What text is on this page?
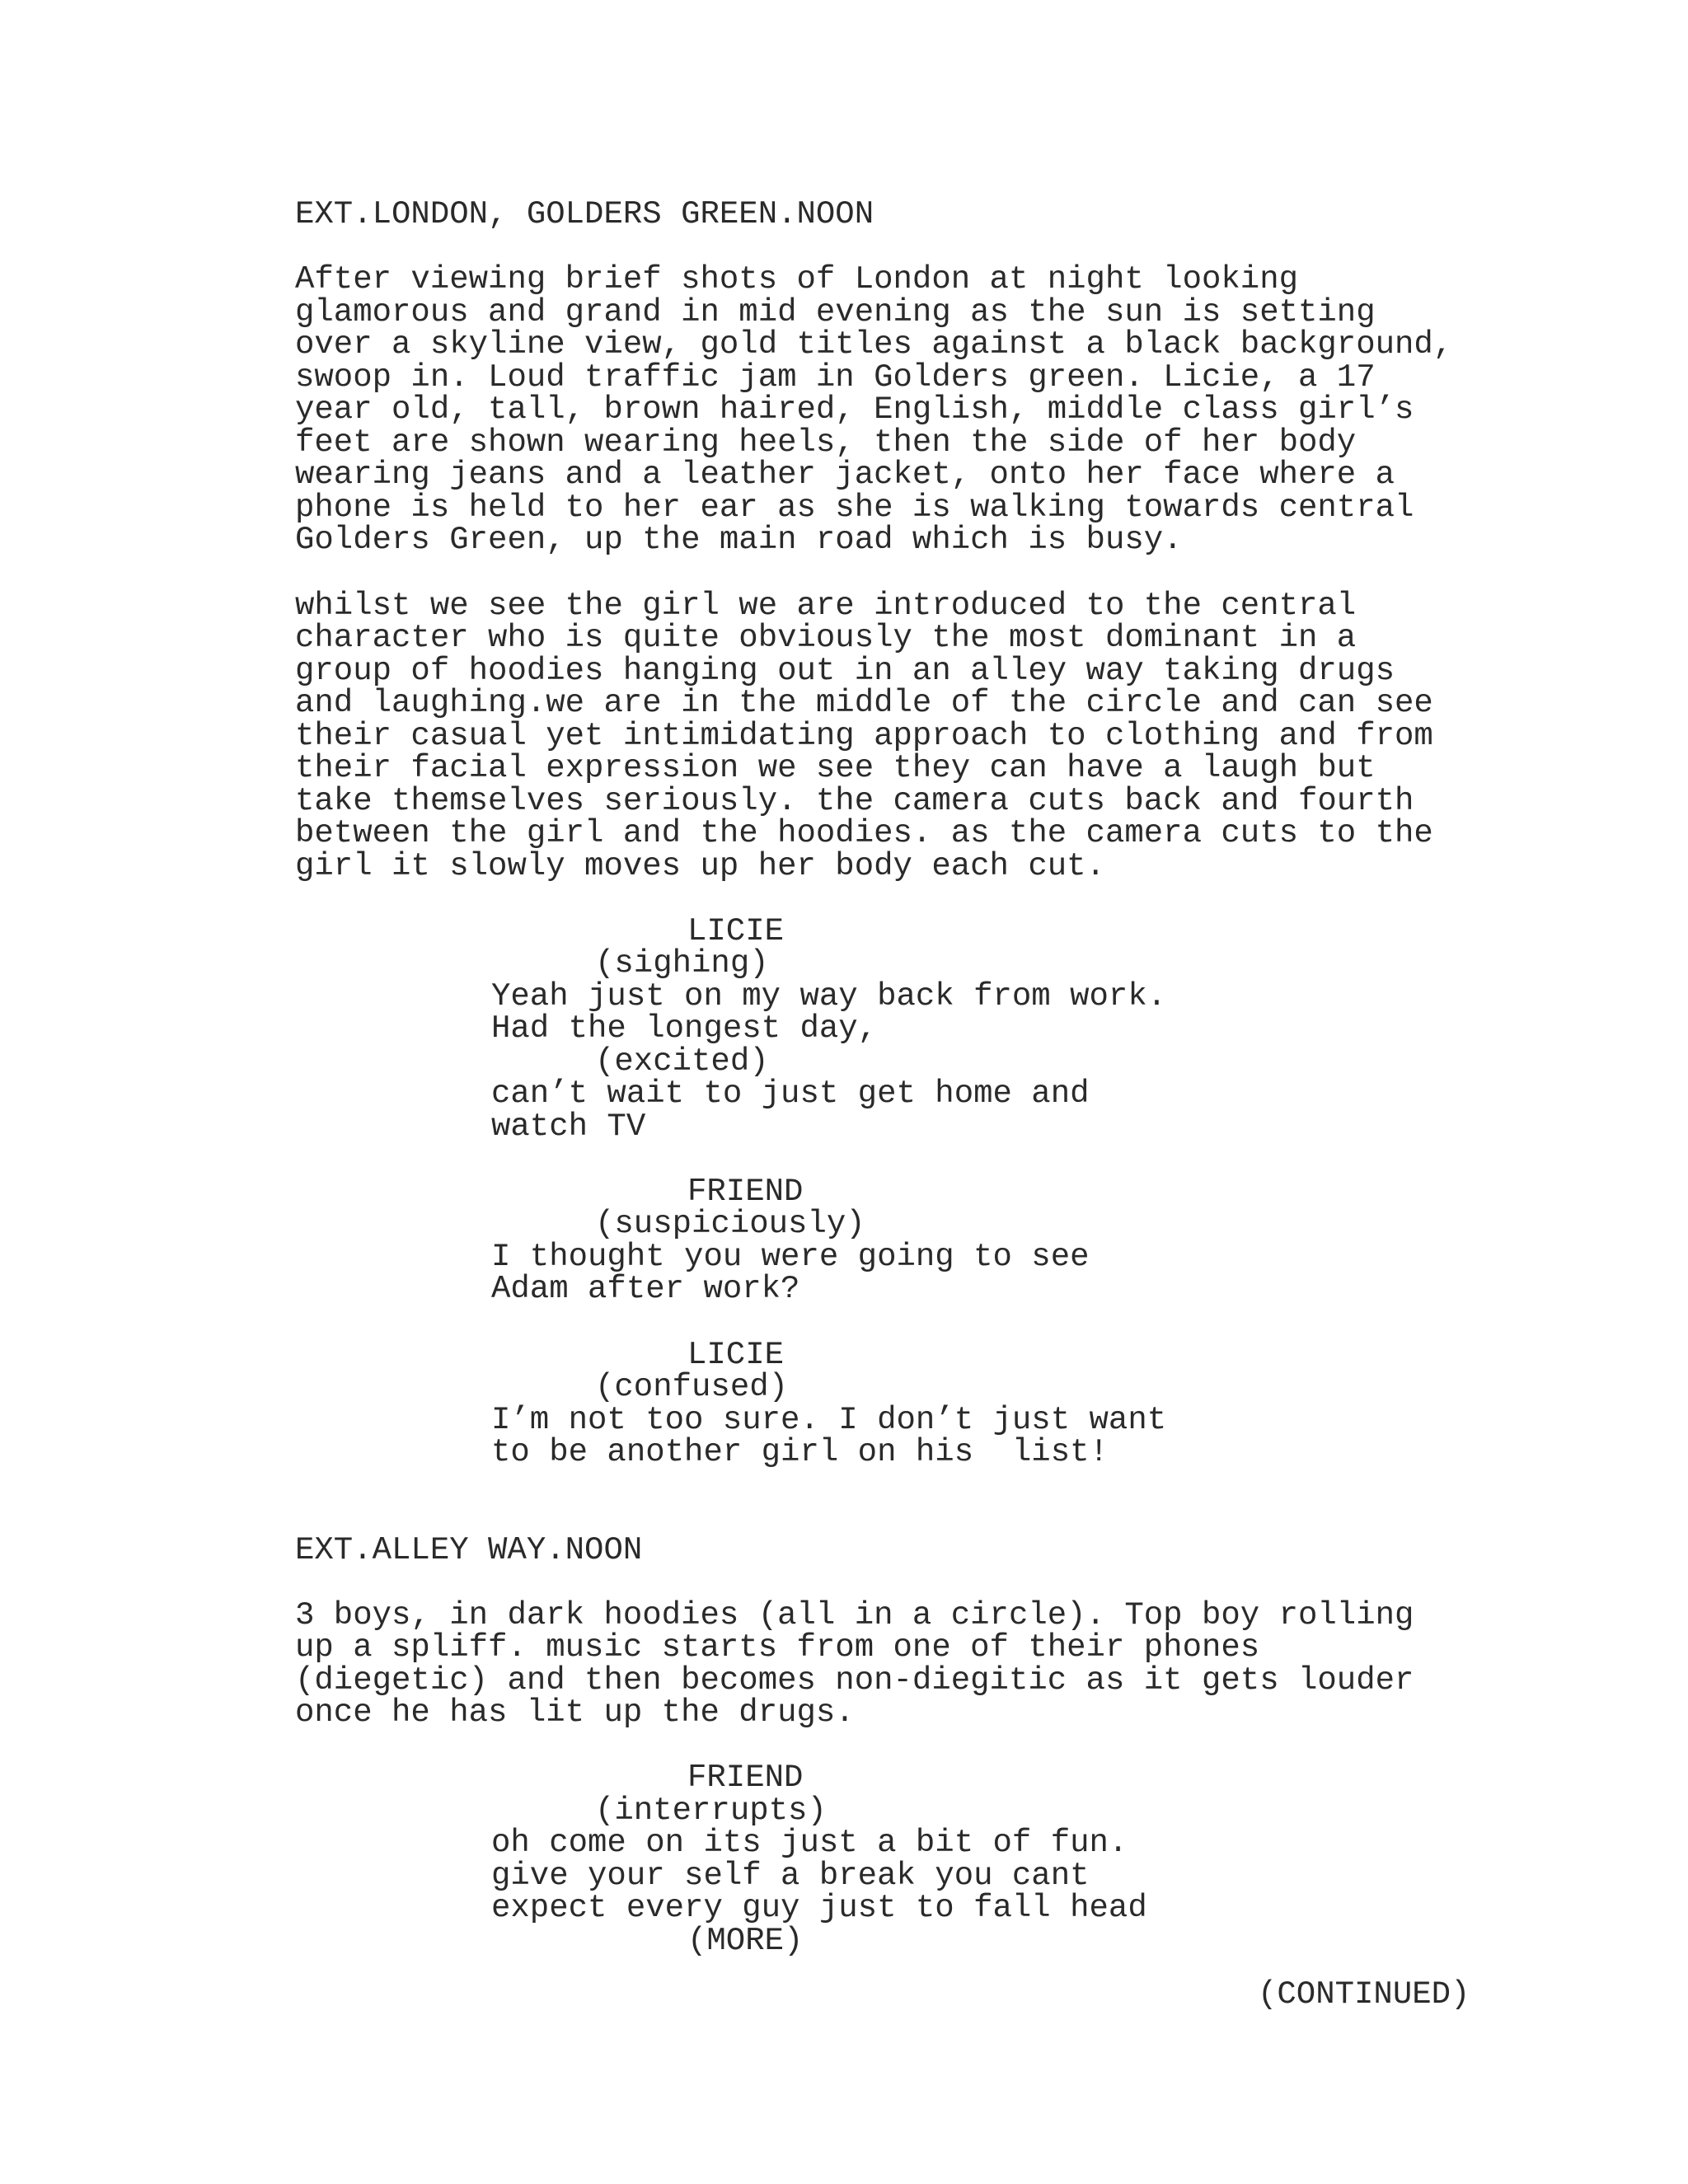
EXT.LONDON, GOLDERS GREEN.NOON
After viewing brief shots of London at night looking
glamorous and grand in mid evening as the sun is setting
over a skyline view, gold titles against a black background,
swoop in. Loud traffic jam in Golders green. Licie, a 17
year old, tall, brown haired, English, middle class girl’s
feet are shown wearing heels, then the side of her body
wearing jeans and a leather jacket, onto her face where a
phone is held to her ear as she is walking towards central
Golders Green, up the main road which is busy.
whilst we see the girl we are introduced to the central
character who is quite obviously the most dominant in a
group of hoodies hanging out in an alley way taking drugs
and laughing.we are in the middle of the circle and can see
their casual yet intimidating approach to clothing and from
their facial expression we see they can have a laugh but
take themselves seriously. the camera cuts back and fourth
between the girl and the hoodies. as the camera cuts to the
girl it slowly moves up her body each cut.
LICIE
(sighing)
Yeah just on my way back from work.
Had the longest day,
(excited)
can’t wait to just get home and
watch TV
FRIEND
(suspiciously)
I thought you were going to see
Adam after work?
LICIE
(confused)
I’m not too sure. I don’t just want
to be another girl on his  list!
EXT.ALLEY WAY.NOON
3 boys, in dark hoodies (all in a circle). Top boy rolling
up a spliff. music starts from one of their phones
(diegetic) and then becomes non-diegitic as it gets louder
once he has lit up the drugs.
FRIEND
(interrupts)
oh come on its just a bit of fun.
give your self a break you cant
expect every guy just to fall head
(MORE)
(CONTINUED)
